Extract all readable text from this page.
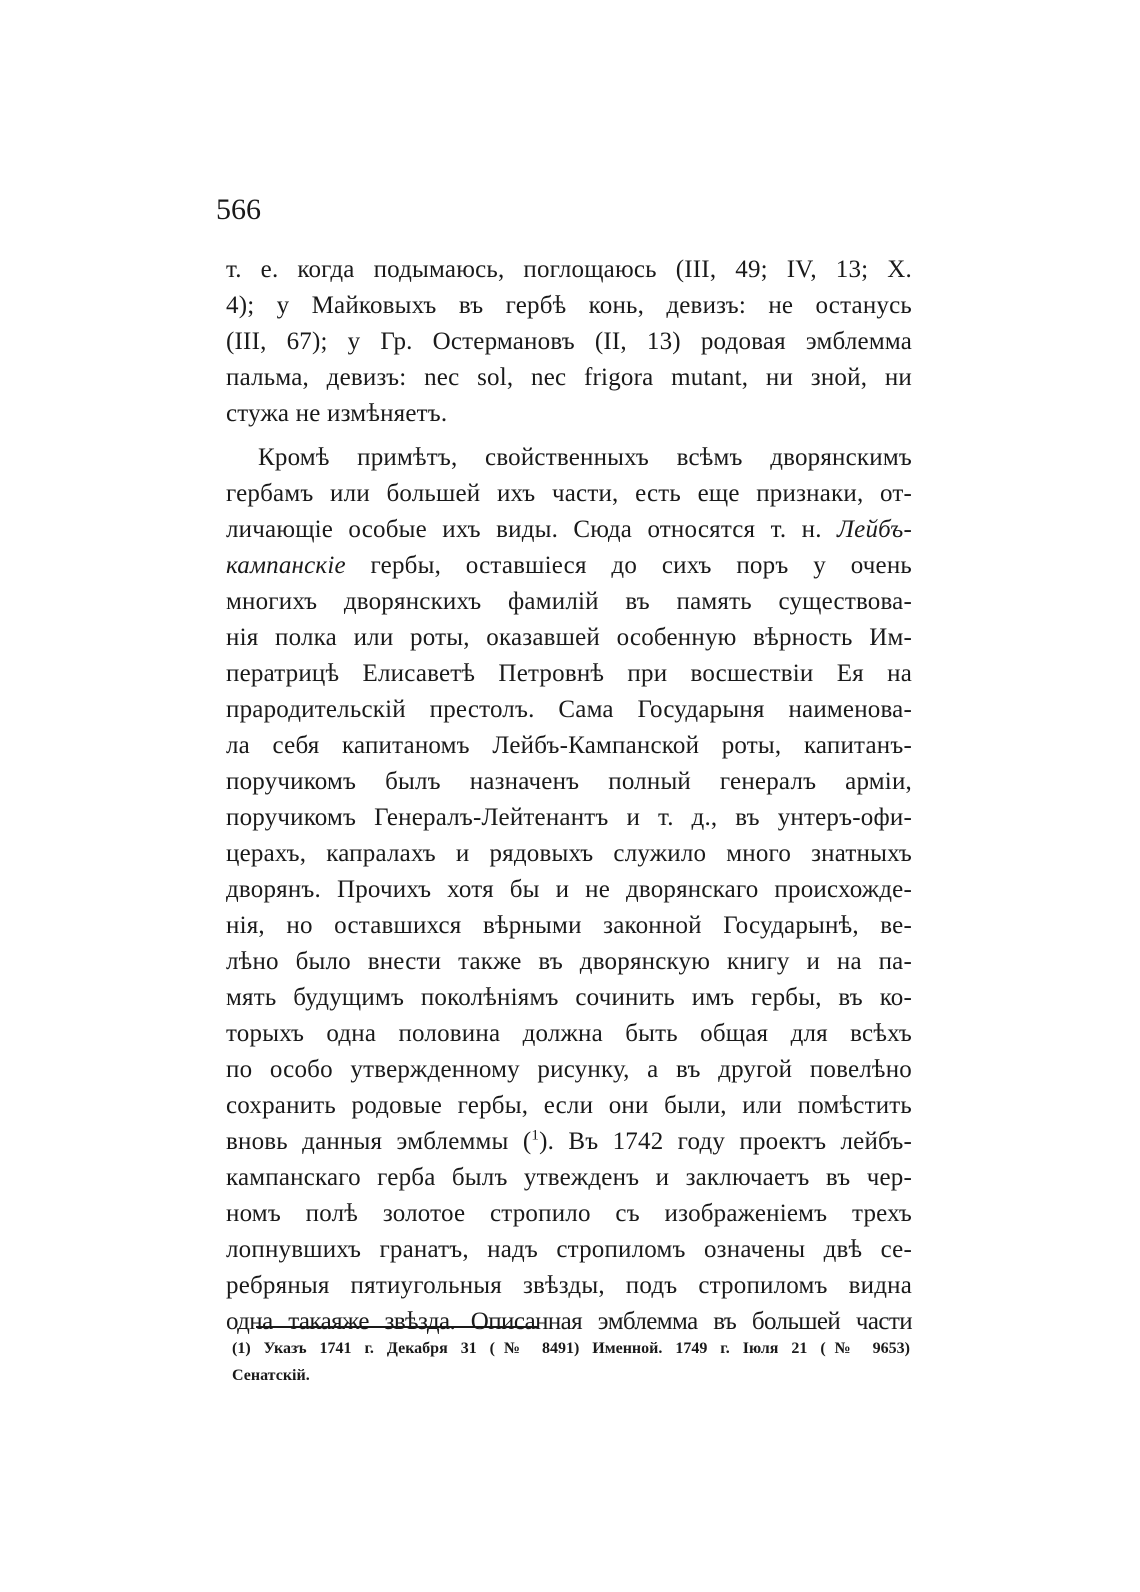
566
т. е. когда подымаюсь, поглощаюсь (III, 49; IV, 13; X.
4); у Майковыхъ въ гербѣ конь, девизъ: не останусь
(III, 67); у Гр. Остермановъ (II, 13) родовая эмблемма
пальма, девизъ: nec sol, nec frigora mutant, ни зной, ни
стужа не измѣняетъ.
Кромѣ примѣтъ, свойственныхъ всѣмъ дворянскимъ
гербамъ или большей ихъ части, есть еще признаки, от-
личающіе особые ихъ виды. Сюда относятся т. н. Лейбъ-
кампанскіе гербы, оставшіеся до сихъ поръ у очень
многихъ дворянскихъ фамилій въ память существова-
нія полка или роты, оказавшей особенную вѣрность Им-
ператрицѣ Елисаветѣ Петровнѣ при восшествіи Ея на
прародительскій престолъ. Сама Государыня наименова-
ла себя капитаномъ Лейбъ-Кампанской роты, капитанъ-
поручикомъ былъ назначенъ полный генералъ арміи,
поручикомъ Генералъ-Лейтенантъ и т. д., въ унтеръ-офи-
церахъ, капралахъ и рядовыхъ служило много знатныхъ
дворянъ. Прочихъ хотя бы и не дворянскаго происхожде-
нія, но оставшихся вѣрными законной Государынѣ, ве-
лѣно было внести также въ дворянскую книгу и на па-
мять будущимъ поколѣніямъ сочинить имъ гербы, въ ко-
торыхъ одна половина должна быть общая для всѣхъ
по особо утвержденному рисунку, а въ другой повелѣно
сохранить родовые гербы, если они были, или помѣстить
вновь данныя эмблеммы ($^1$). Въ 1742 году проектъ лейбъ-
кампанскаго герба былъ утвежденъ и заключаетъ въ чер-
номъ полѣ золотое стропило съ изображеніемъ трехъ
лопнувшихъ гранатъ, надъ стропиломъ означены двѣ се-
ребряныя пятиугольныя звѣзды, подъ стропиломъ видна
одна такаяже звѣзда. Описанная эмблемма въ большей части
(1) Указъ 1741 г. Декабря 31 (№ 8491) Именной. 1749 г. Іюля 21 (№ 9653)
Сенатскій.
